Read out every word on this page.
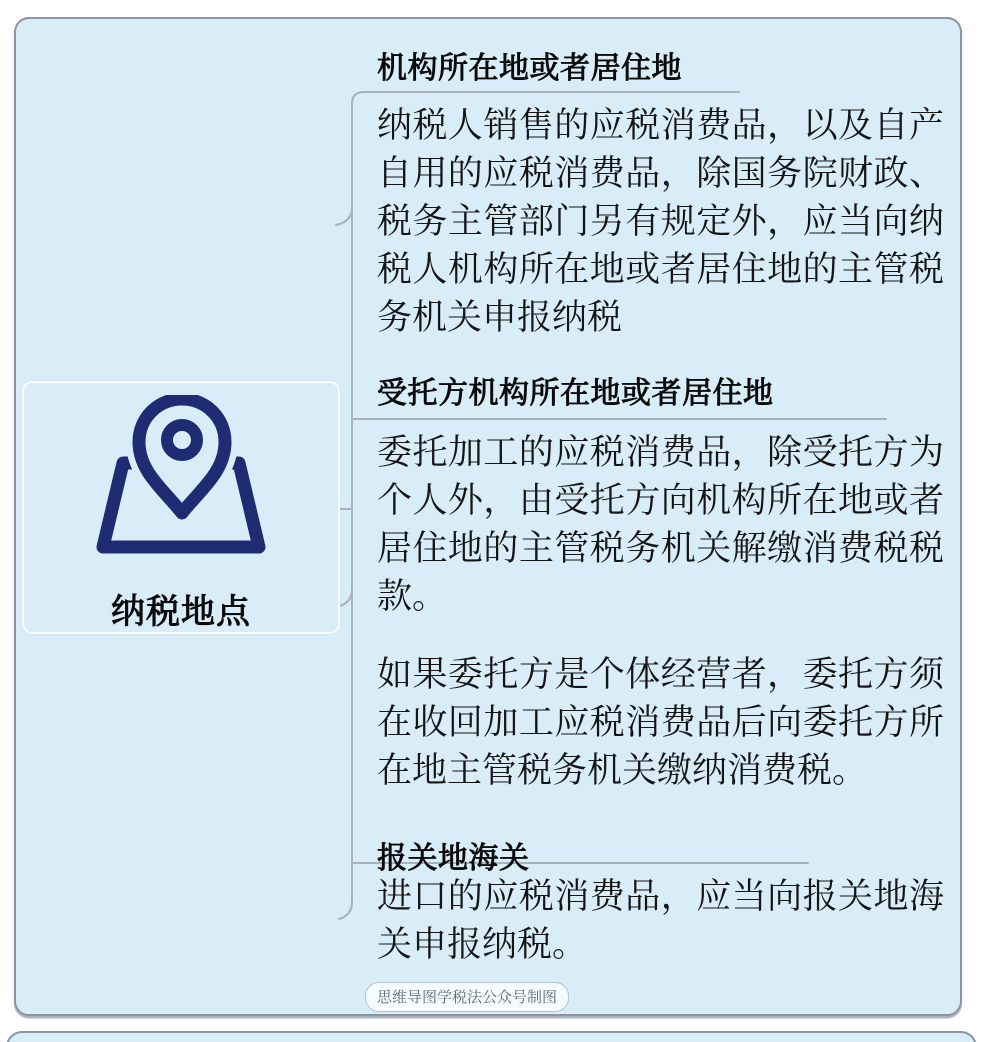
纳税地点
机构所在地或者居住地
纳税人销售的应税消费品，以及自产自用的应税消费品，除国务院财政、税务主管部门另有规定外，应当向纳税人机构所在地或者居住地的主管税务机关申报纳税
受托方机构所在地或者居住地
委托加工的应税消费品，除受托方为个人外，由受托方向机构所在地或者居住地的主管税务机关解缴消费税税款。
如果委托方是个体经营者，委托方须在收回加工应税消费品后向委托方所在地主管税务机关缴纳消费税。
报关地海关
进口的应税消费品，应当向报关地海关申报纳税。
思维导图学税法公众号制图
